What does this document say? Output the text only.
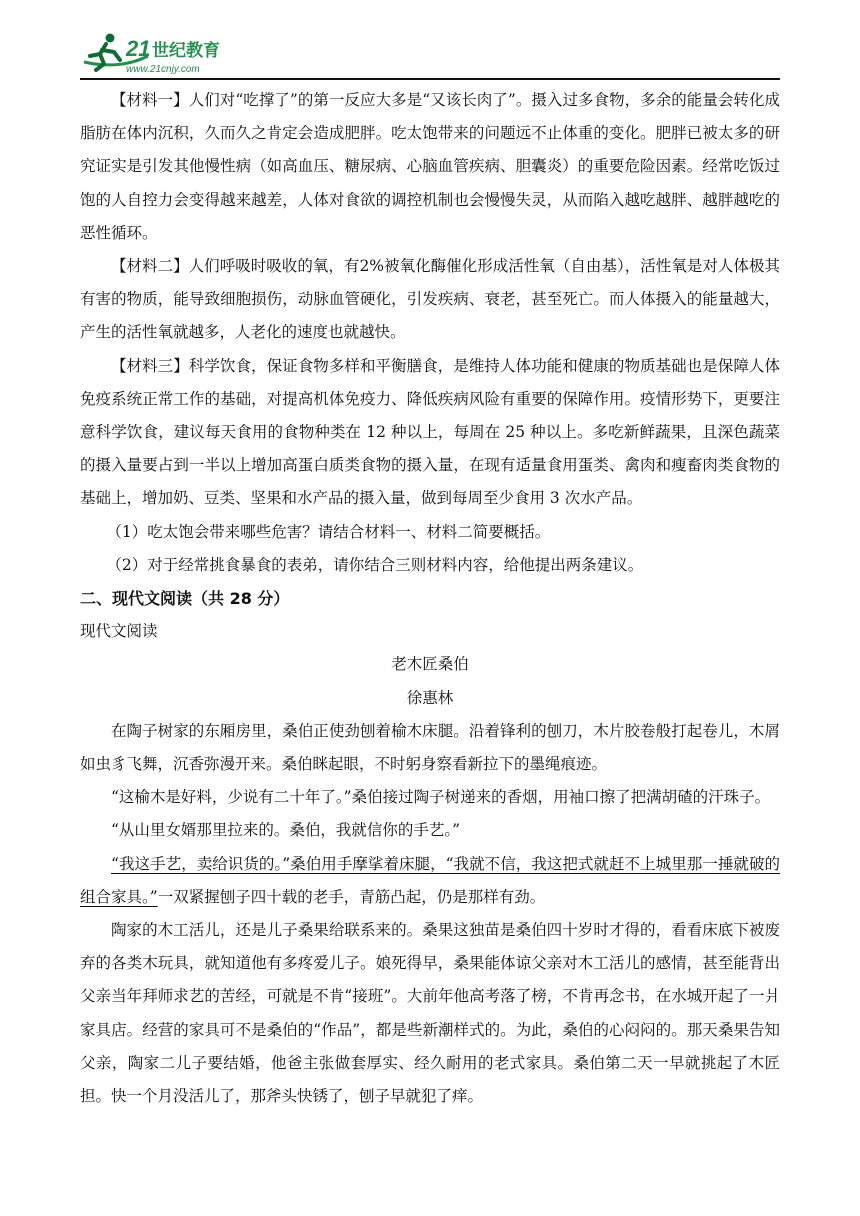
21 世纪教育
www.21cnjy.com

【材料一】人们对“吃撑了”的第一反应大多是“又该长肉了”。摄入过多食物，多余的能量会转化成脂肪在体内沉积，久而久之肯定会造成肥胖。吃太饱带来的问题远不止体重的变化。肥胖已被太多的研究证实是引发其他慢性病（如高血压、糖尿病、心脑血管疾病、胆囊炎）的重要危险因素。经常吃饭过饱的人自控力会变得越来越差，人体对食欲的调控机制也会慢慢失灵，从而陷入越吃越胖、越胖越吃的恶性循环。

【材料二】人们呼吸时吸收的氧，有2%被氧化酶催化形成活性氧（自由基），活性氧是对人体极其有害的物质，能导致细胞损伤，动脉血管硬化，引发疾病、衰老，甚至死亡。而人体摄入的能量越大，产生的活性氧就越多，人老化的速度也就越快。

【材料三】科学饮食，保证食物多样和平衡膳食，是维持人体功能和健康的物质基础也是保障人体免疫系统正常工作的基础，对提高机体免疫力、降低疾病风险有重要的保障作用。疫情形势下，更要注意科学饮食，建议每天食用的食物种类在 12 种以上，每周在 25 种以上。多吃新鲜蔬果，且深色蔬菜的摄入量要占到一半以上增加高蛋白质类食物的摄入量，在现有适量食用蛋类、禽肉和瘦畜肉类食物的基础上，增加奶、豆类、坚果和水产品的摄入量，做到每周至少食用 3 次水产品。

（1）吃太饱会带来哪些危害？请结合材料一、材料二简要概括。

（2）对于经常挑食暴食的表弟，请你结合三则材料内容，给他提出两条建议。

二、现代文阅读（共 28 分）

现代文阅读

老木匠桑伯

徐惠林

在陶子树家的东厢房里，桑伯正使劲刨着榆木床腿。沿着锋利的刨刀，木片胶卷般打起卷儿，木屑如虫豸飞舞，沉香弥漫开来。桑伯眯起眼，不时躬身察看新拉下的墨绳痕迹。

“这榆木是好料，少说有二十年了。”桑伯接过陶子树递来的香烟，用袖口擦了把满胡碴的汗珠子。

“从山里女婿那里拉来的。桑伯，我就信你的手艺。”

“我这手艺，卖给识货的。”桑伯用手摩挲着床腿，“我就不信，我这把式就赶不上城里那一捶就破的组合家具。”一双紧握刨子四十载的老手，青筋凸起，仍是那样有劲。

陶家的木工活儿，还是儿子桑果给联系来的。桑果这独苗是桑伯四十岁时才得的，看看床底下被废弃的各类木玩具，就知道他有多疼爱儿子。娘死得早，桑果能体谅父亲对木工活儿的感情，甚至能背出父亲当年拜师求艺的苦经，可就是不肯“接班”。大前年他高考落了榜，不肯再念书，在水城开起了一爿家具店。经营的家具可不是桑伯的“作品”，都是些新潮样式的。为此，桑伯的心闷闷的。那天桑果告知父亲，陶家二儿子要结婚，他爸主张做套厚实、经久耐用的老式家具。桑伯第二天一早就挑起了木匠担。快一个月没活儿了，那斧头快锈了，刨子早就犯了痒。
